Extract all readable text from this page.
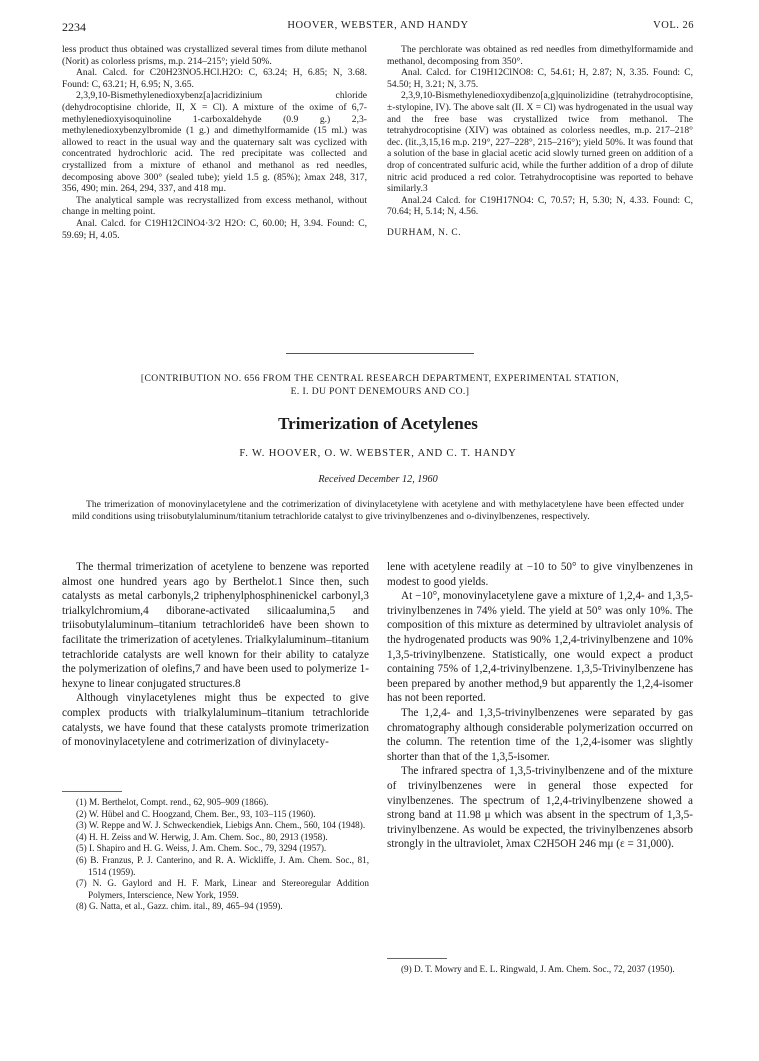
2234	HOOVER, WEBSTER, AND HANDY	VOL. 26

less product thus obtained was crystallized several times from dilute methanol (Norit) as colorless prisms, m.p. 214–215°; yield 50%.

Anal. Calcd. for C20H23NO5.HCl.H2O: C, 63.24; H, 6.85; N, 3.68. Found: C, 63.21; H, 6.95; N, 3.65.

2,3,9,10-Bismethylenedioxybenz[a]acridizinium chloride (dehydrocoptisine chloride, II, X = Cl). A mixture of the oxime of 6,7-methylenedioxyisoquinoline 1-carboxaldehyde (0.9 g.) 2,3-methylenedioxybenzylbromide (1 g.) and dimethylformamide (15 ml.) was allowed to react in the usual way and the quaternary salt was cyclized with concentrated hydrochloric acid. The red precipitate was collected and crystallized from a mixture of ethanol and methanol as red needles, decomposing above 300° (sealed tube); yield 1.5 g. (85%); λmax 248, 317, 356, 490; min. 264, 294, 337, and 418 mμ.

The analytical sample was recrystallized from excess methanol, without change in melting point.

Anal. Calcd. for C19H12ClNO4·3/2 H2O: C, 60.00; H, 3.94. Found: C, 59.69; H, 4.05.

The perchlorate was obtained as red needles from dimethylformamide and methanol, decomposing from 350°.

Anal. Calcd. for C19H12ClNO8: C, 54.61; H, 2.87; N, 3.35. Found: C, 54.50; H, 3.21; N, 3.75.

2,3,9,10-Bismethylenedioxydibenzo[a,g]quinolizidine (tetrahydrocoptisine, ±-stylopine, IV). The above salt (II. X = Cl) was hydrogenated in the usual way and the free base was crystallized twice from methanol. The tetrahydrocoptisine (XIV) was obtained as colorless needles, m.p. 217–218° dec. (lit.,3,15,16 m.p. 219°, 227–228°, 215–216°); yield 50%. It was found that a solution of the base in glacial acetic acid slowly turned green on addition of a drop of concentrated sulfuric acid, while the further addition of a drop of dilute nitric acid produced a red color. Tetrahydrocoptisine was reported to behave similarly.3

Anal.24 Calcd. for C19H17NO4: C, 70.57; H, 5.30; N, 4.33. Found: C, 70.64; H, 5.14; N, 4.56.

DURHAM, N. C.

[CONTRIBUTION NO. 656 FROM THE CENTRAL RESEARCH DEPARTMENT, EXPERIMENTAL STATION,
E. I. DU PONT DENEMOURS AND CO.]
Trimerization of Acetylenes
F. W. HOOVER, O. W. WEBSTER, AND C. T. HANDY
Received December 12, 1960
The trimerization of monovinylacetylene and the cotrimerization of divinylacetylene with acetylene and with methylacetylene have been effected under mild conditions using triisobutylaluminum/titanium tetrachloride catalyst to give trivinylbenzenes and o-divinylbenzenes, respectively.

The thermal trimerization of acetylene to benzene was reported almost one hundred years ago by Berthelot.1 Since then, such catalysts as metal carbonyls,2 triphenylphosphinenickel carbonyl,3 trialkylchromium,4 diborane-activated silicaalumina,5 and triisobutylaluminum–titanium tetrachloride6 have been shown to facilitate the trimerization of acetylenes. Trialkylaluminum–titanium tetrachloride catalysts are well known for their ability to catalyze the polymerization of olefins,7 and have been used to polymerize 1-hexyne to linear conjugated structures.8

Although vinylacetylenes might thus be expected to give complex products with trialkylaluminum–titanium tetrachloride catalysts, we have found that these catalysts promote trimerization of monovinylacetylene and cotrimerization of divinylacety-

lene with acetylene readily at −10 to 50° to give vinylbenzenes in modest to good yields.

At −10°, monovinylacetylene gave a mixture of 1,2,4- and 1,3,5-trivinylbenzenes in 74% yield. The yield at 50° was only 10%. The composition of this mixture as determined by ultraviolet analysis of the hydrogenated products was 90% 1,2,4-trivinylbenzene and 10% 1,3,5-trivinylbenzene. Statistically, one would expect a product containing 75% of 1,2,4-trivinylbenzene. 1,3,5-Trivinylbenzene has been prepared by another method,9 but apparently the 1,2,4-isomer has not been reported.

The 1,2,4- and 1,3,5-trivinylbenzenes were separated by gas chromatography although considerable polymerization occurred on the column. The retention time of the 1,2,4-isomer was slightly shorter than that of the 1,3,5-isomer.

The infrared spectra of 1,3,5-trivinylbenzene and of the mixture of trivinylbenzenes were in general those expected for vinylbenzenes. The spectrum of 1,2,4-trivinylbenzene showed a strong band at 11.98 μ which was absent in the spectrum of 1,3,5-trivinylbenzene. As would be expected, the trivinylbenzenes absorb strongly in the ultraviolet, λmax C2H5OH 246 mμ (ε = 31,000).

(1) M. Berthelot, Compt. rend., 62, 905–909 (1866).

(2) W. Hübel and C. Hoogzand, Chem. Ber., 93, 103–115 (1960).

(3) W. Reppe and W. J. Schweckendiek, Liebigs Ann. Chem., 560, 104 (1948).

(4) H. H. Zeiss and W. Herwig, J. Am. Chem. Soc., 80, 2913 (1958).

(5) I. Shapiro and H. G. Weiss, J. Am. Chem. Soc., 79, 3294 (1957).

(6) B. Franzus, P. J. Canterino, and R. A. Wickliffe, J. Am. Chem. Soc., 81, 1514 (1959).

(7) N. G. Gaylord and H. F. Mark, Linear and Stereoregular Addition Polymers, Interscience, New York, 1959.

(8) G. Natta, et al., Gazz. chim. ital., 89, 465–94 (1959).

(9) D. T. Mowry and E. L. Ringwald, J. Am. Chem. Soc., 72, 2037 (1950).
